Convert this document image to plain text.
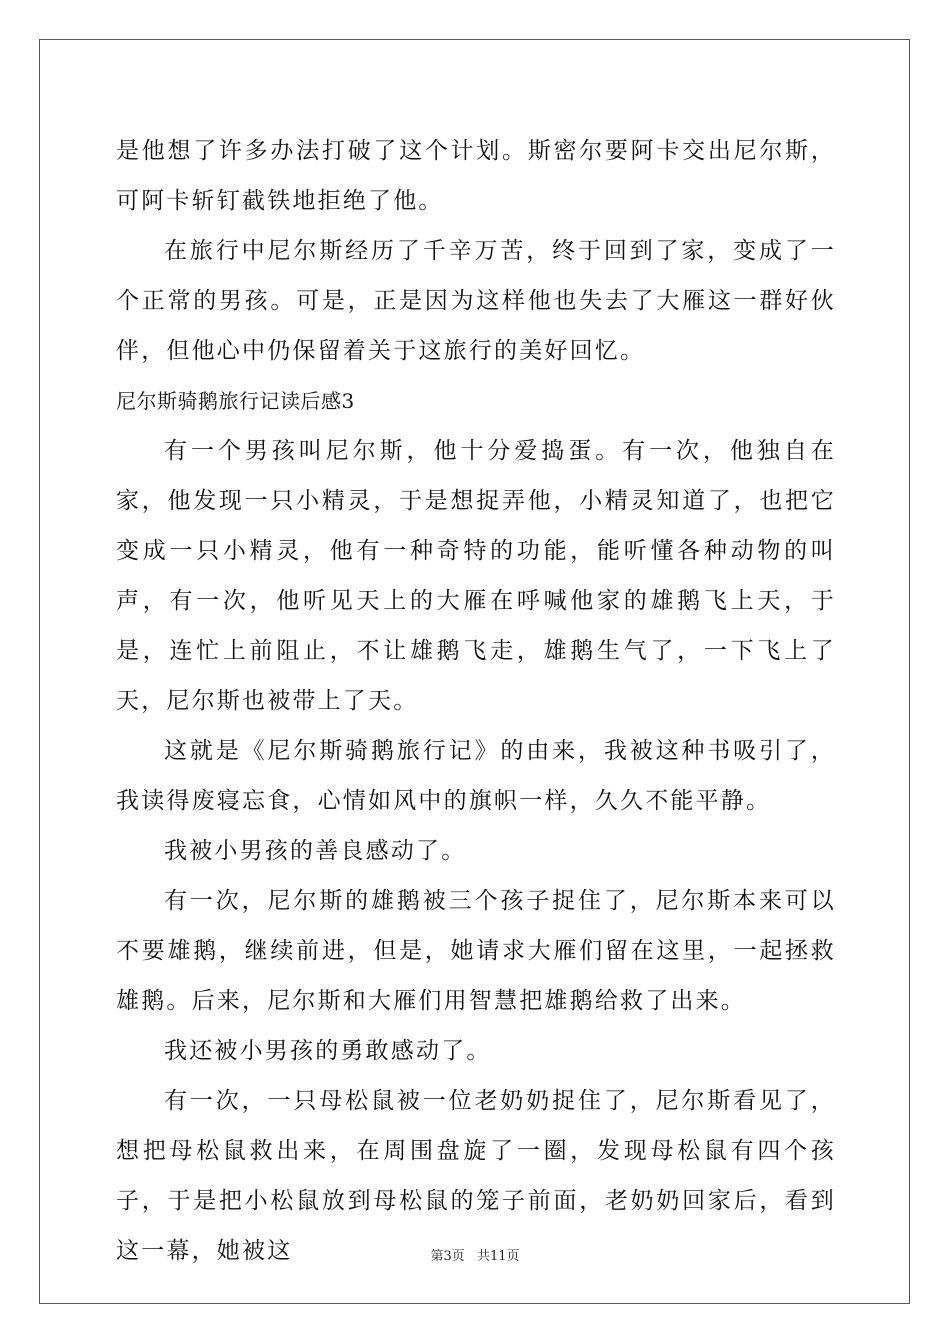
是他想了许多办法打破了这个计划。斯密尔要阿卡交出尼尔斯，可阿卡斩钉截铁地拒绝了他。

在旅行中尼尔斯经历了千辛万苦，终于回到了家，变成了一个正常的男孩。可是，正是因为这样他也失去了大雁这一群好伙伴，但他心中仍保留着关于这旅行的美好回忆。

尼尔斯骑鹅旅行记读后感3

有一个男孩叫尼尔斯，他十分爱捣蛋。有一次，他独自在家，他发现一只小精灵，于是想捉弄他，小精灵知道了，也把它变成一只小精灵，他有一种奇特的功能，能听懂各种动物的叫声，有一次，他听见天上的大雁在呼喊他家的雄鹅飞上天，于是，连忙上前阻止，不让雄鹅飞走，雄鹅生气了，一下飞上了天，尼尔斯也被带上了天。

这就是《尼尔斯骑鹅旅行记》的由来，我被这种书吸引了，我读得废寝忘食，心情如风中的旗帜一样，久久不能平静。

我被小男孩的善良感动了。

有一次，尼尔斯的雄鹅被三个孩子捉住了，尼尔斯本来可以不要雄鹅，继续前进，但是，她请求大雁们留在这里，一起拯救雄鹅。后来，尼尔斯和大雁们用智慧把雄鹅给救了出来。

我还被小男孩的勇敢感动了。

有一次，一只母松鼠被一位老奶奶捉住了，尼尔斯看见了，想把母松鼠救出来，在周围盘旋了一圈，发现母松鼠有四个孩子，于是把小松鼠放到母松鼠的笼子前面，老奶奶回家后，看到这一幕，她被这	第3页 共11页
